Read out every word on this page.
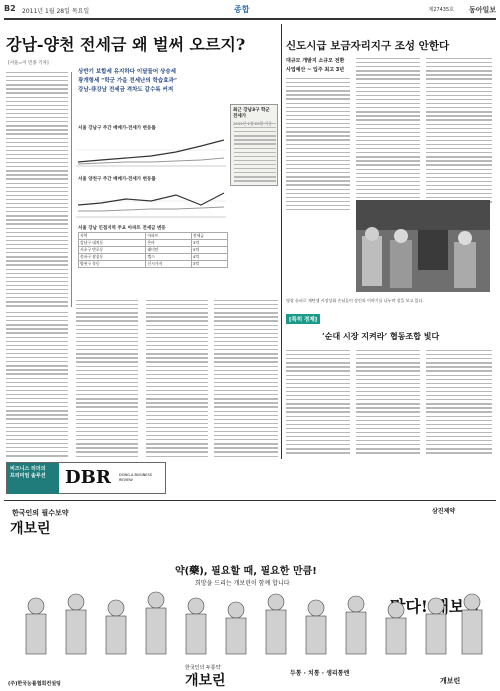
B2 2011년 1월 28일 목요일	종합	제27435호 동아일보
강남-양천 전세금 왜 벌써 오르지?
[서울=이 민종 기자]
상반기 보합세 유지하다 이달들어 상승세
광개형세 “학군 가을 전세난의 학습효과”
강남-非강남 전세금 격차도 갈수록 커져
서울 강남구 주간 매매가-전세가 변동률
서울 양천구 주간 매매가-전세가 변동률
최근 강남3구 학군 전세가
서울 강남 인접지역 주요 아파트 전세금 변동
지역	아파트	전세금
강남구 대치동	은마	3억
서초구 반포동	래미안	5억
송파구 잠실동	엘스	4억
양천구 목동	신시가지	3억
신도시급 보금자리지구 조성 안한다
대규모 개발지 소규모 전환
사업예산 ~ 입주 최고 3년
명장 슈퍼로 재탄생 시장상회 손님들이 상인과 이야기를 나누며 장을 보고 있다.
[특히 경제]
‘순대 시장 지켜라’ 협동조합 빛다
비즈니스 리더의
프리미엄 솔루션	DBR DONG-A BUSINESS REVIEW
한국인의 필수보약
개보린
삼진제약
약(藥), 필요할 때, 필요한 만큼!
희망을 드리는 개보린이 함께 합니다
맛다! 개보린
한국인의 두통약
개보린	두통 · 치통 · 생리통엔
(주)한국능률협회컨설팅	개보린
